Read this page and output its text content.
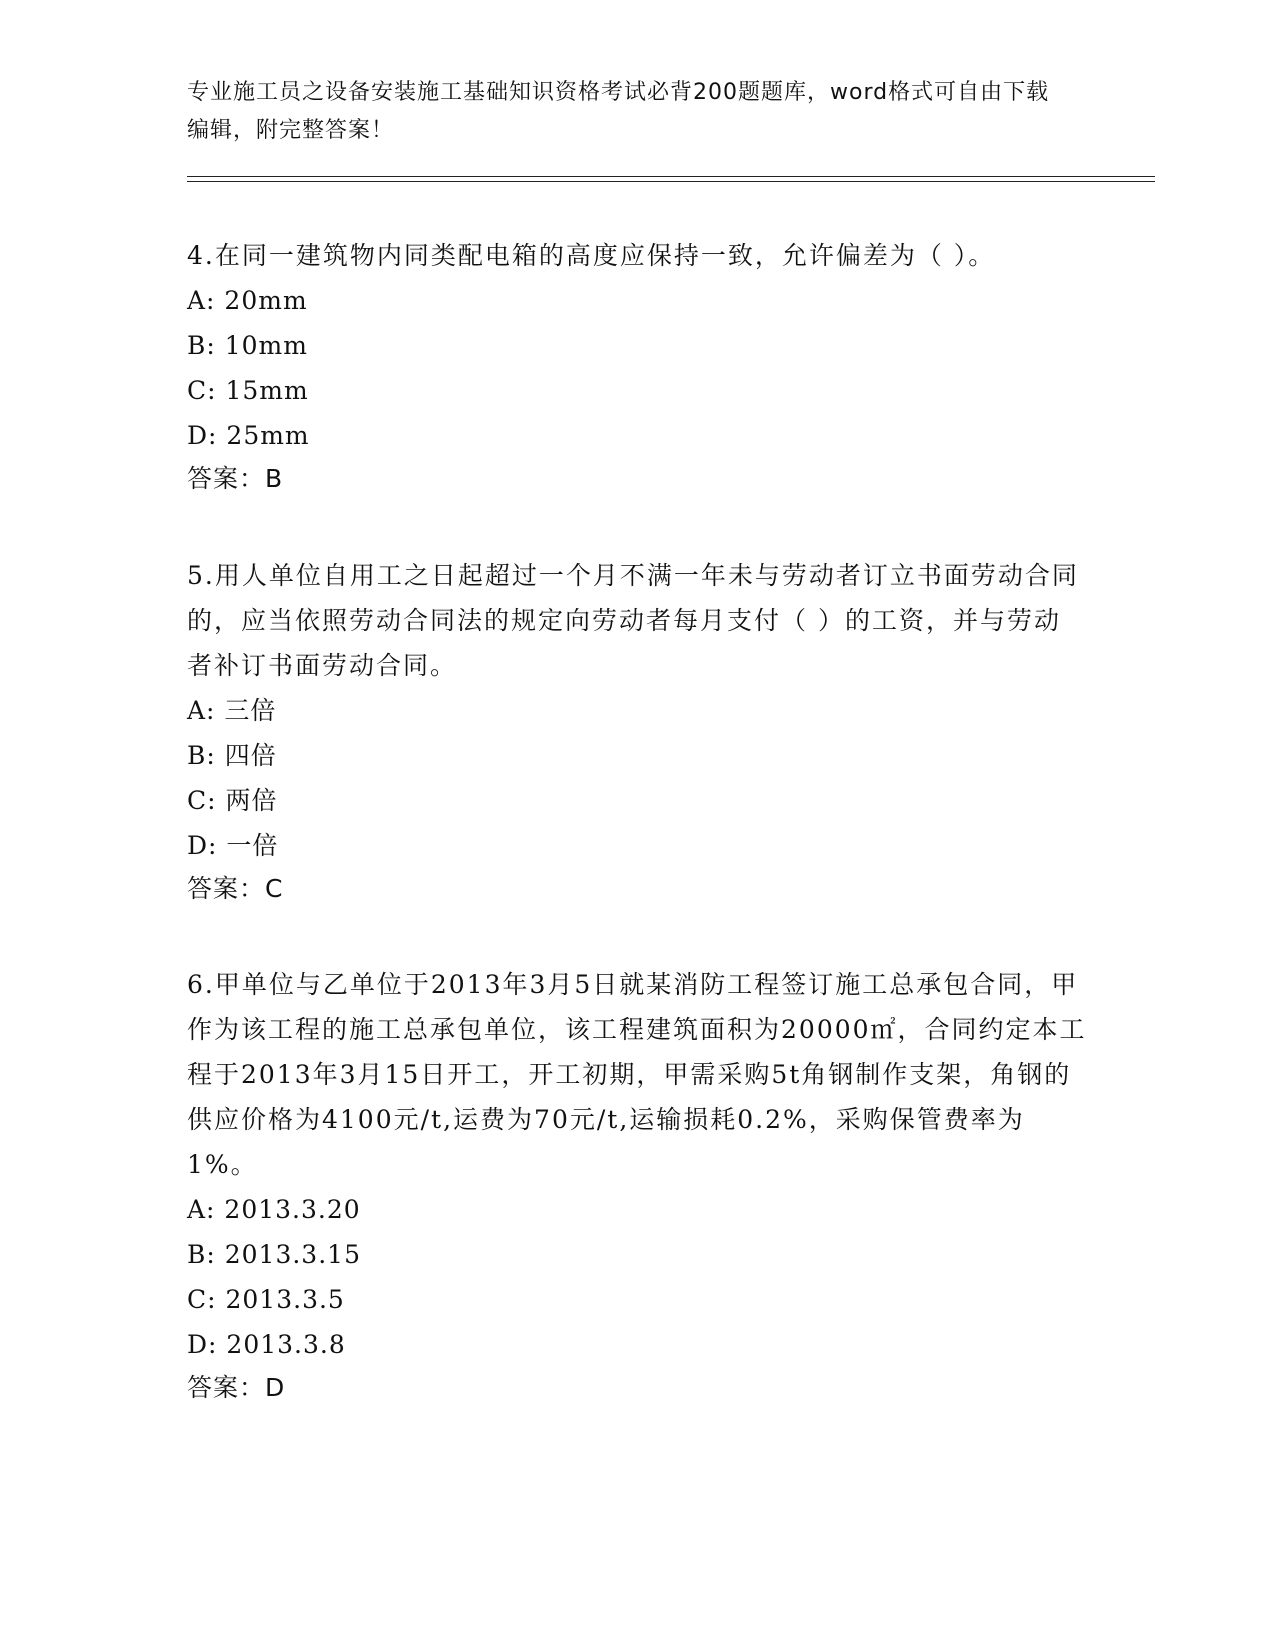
专业施工员之设备安装施工基础知识资格考试必背200题题库，word格式可自由下载编辑，附完整答案！

4.在同一建筑物内同类配电箱的高度应保持一致，允许偏差为（ ）。

A: 20mm
B: 10mm
C: 15mm
D: 25mm
答案：B

5.用人单位自用工之日起超过一个月不满一年未与劳动者订立书面劳动合同的，应当依照劳动合同法的规定向劳动者每月支付（ ）的工资，并与劳动者补订书面劳动合同。

A: 三倍
B: 四倍
C: 两倍
D: 一倍
答案：C

6.甲单位与乙单位于2013年3月5日就某消防工程签订施工总承包合同，甲作为该工程的施工总承包单位，该工程建筑面积为20000㎡，合同约定本工程于2013年3月15日开工，开工初期，甲需采购5t角钢制作支架，角钢的供应价格为4100元/t,运费为70元/t,运输损耗0.2%，采购保管费率为1%。

A: 2013.3.20
B: 2013.3.15
C: 2013.3.5
D: 2013.3.8
答案：D
